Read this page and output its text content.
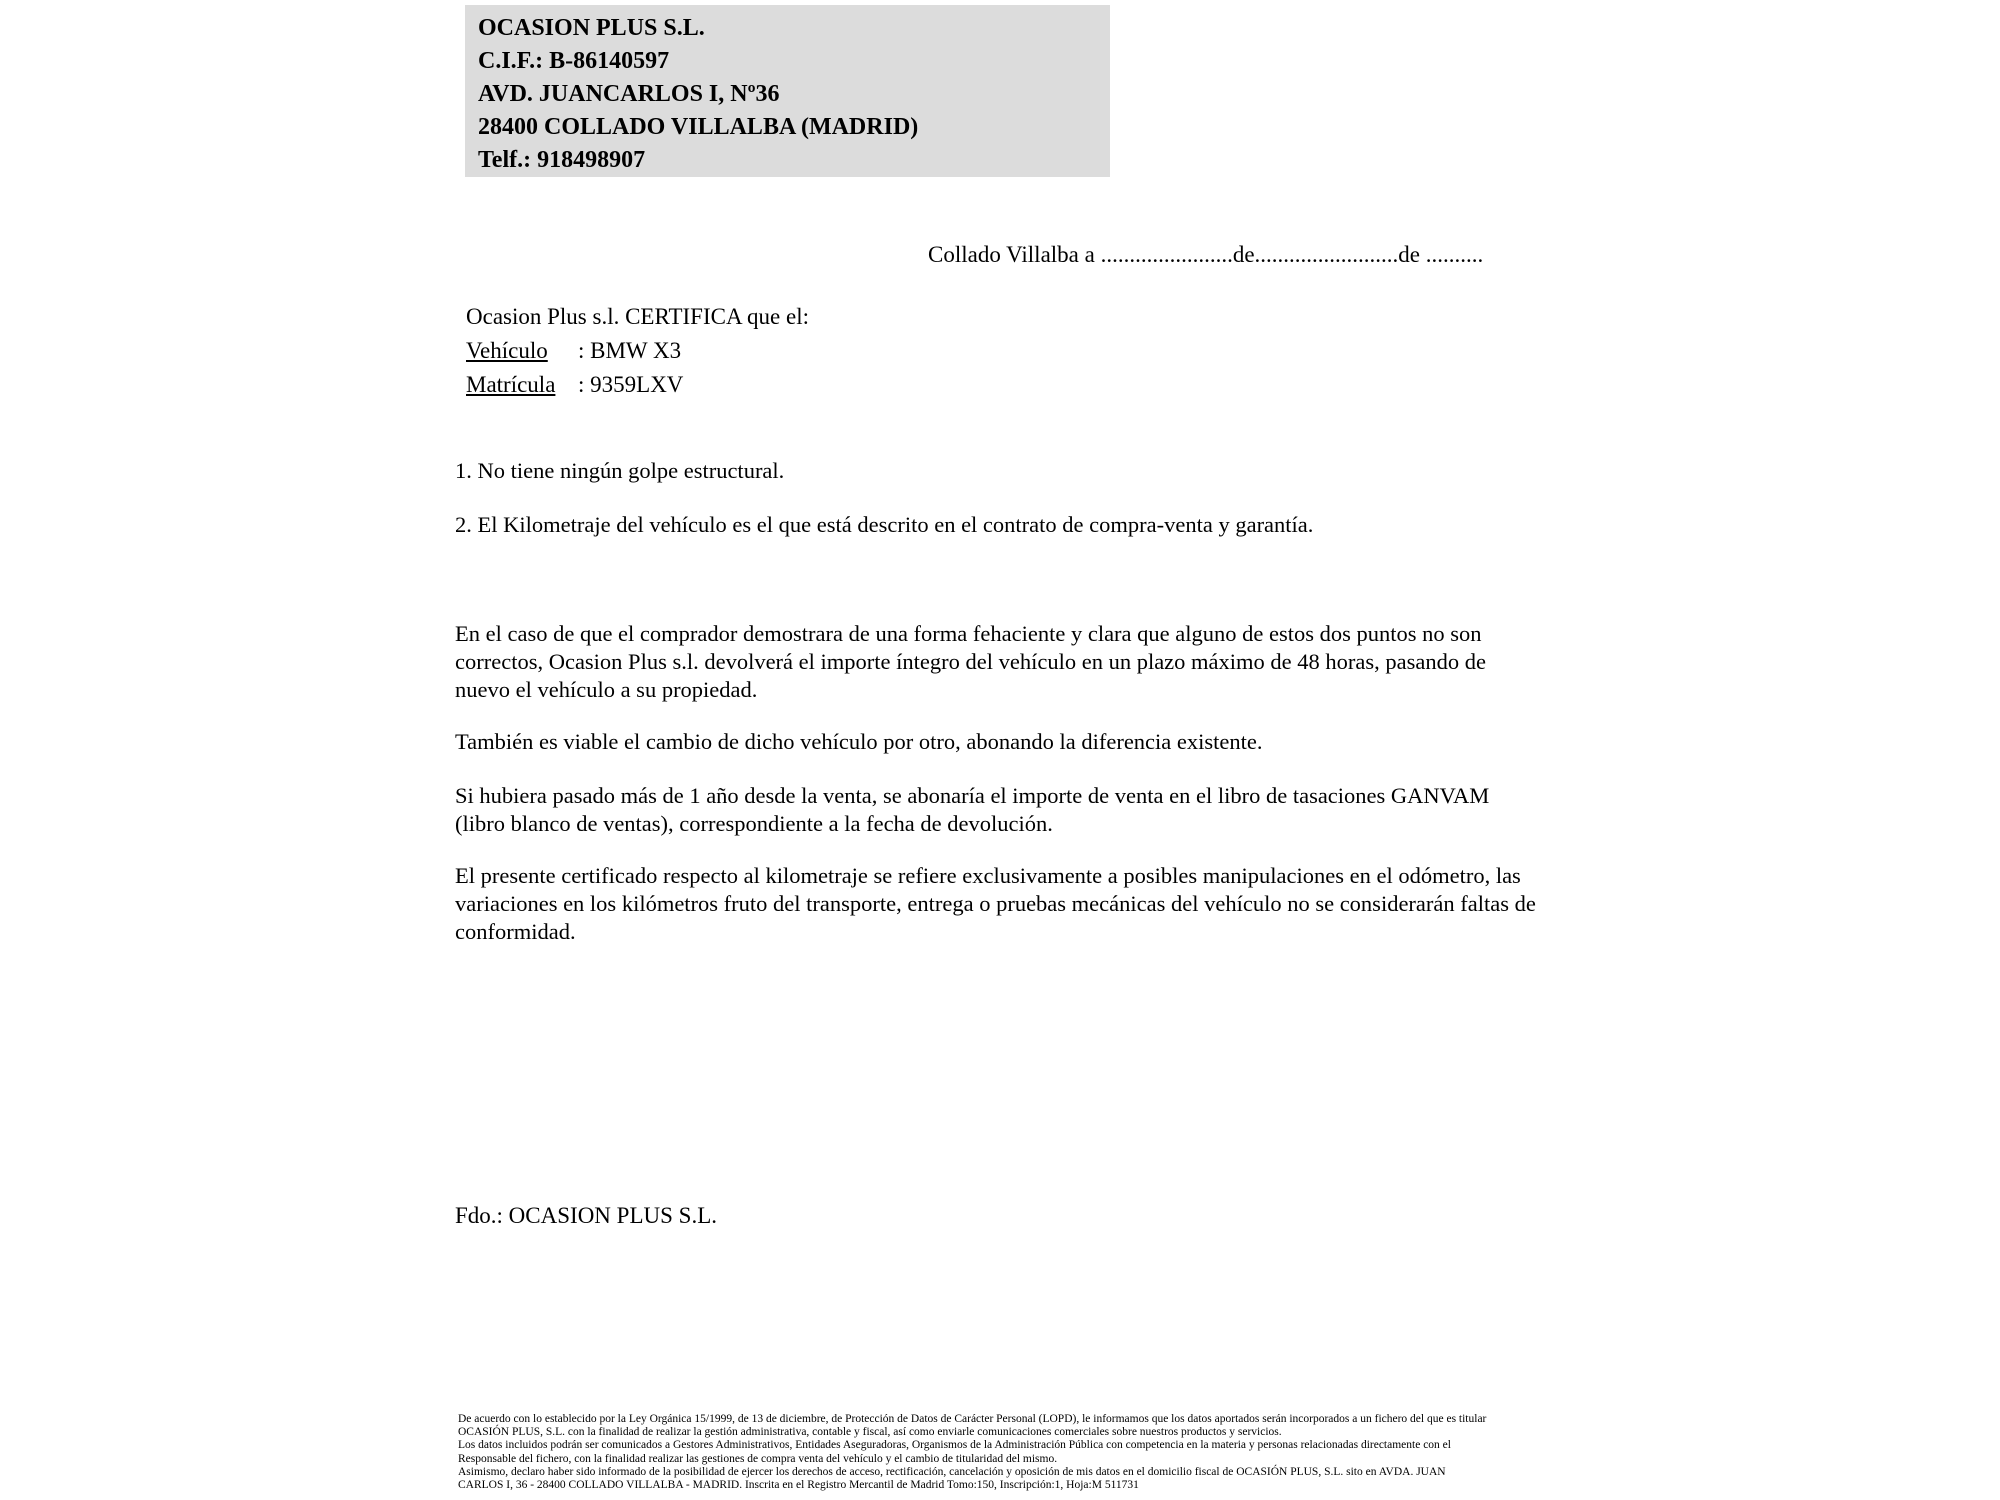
OCASION PLUS S.L.
C.I.F.: B-86140597
AVD. JUANCARLOS I, Nº36
28400 COLLADO VILLALBA (MADRID)
Telf.: 918498907
Collado Villalba a .......................de.........................de ..........
Ocasion Plus s.l. CERTIFICA que el:
Vehículo : BMW X3
Matrícula : 9359LXV
1. No tiene ningún golpe estructural.
2. El Kilometraje del vehículo es el que está descrito en el contrato de compra-venta y garantía.
En el caso de que el comprador demostrara de una forma fehaciente y clara que alguno de estos dos puntos no son correctos, Ocasion Plus s.l. devolverá el importe íntegro del vehículo en un plazo máximo de 48 horas, pasando de nuevo el vehículo a su propiedad.
También es viable el cambio de dicho vehículo por otro, abonando la diferencia existente.
Si hubiera pasado más de 1 año desde la venta, se abonaría el importe de venta en el libro de tasaciones GANVAM (libro blanco de ventas), correspondiente a la fecha de devolución.
El presente certificado respecto al kilometraje se refiere exclusivamente a posibles manipulaciones en el odómetro, las variaciones en los kilómetros fruto del transporte, entrega o pruebas mecánicas del vehículo no se considerarán faltas de conformidad.
Fdo.: OCASION PLUS S.L.
De acuerdo con lo establecido por la Ley Orgánica 15/1999, de 13 de diciembre, de Protección de Datos de Carácter Personal (LOPD), le informamos que los datos aportados serán incorporados a un fichero del que es titular
OCASIÓN PLUS, S.L. con la finalidad de realizar la gestión administrativa, contable y fiscal, así como enviarle comunicaciones comerciales sobre nuestros productos y servicios.
Los datos incluidos podrán ser comunicados a Gestores Administrativos, Entidades Aseguradoras, Organismos de la Administración Pública con competencia en la materia y personas relacionadas directamente con el
Responsable del fichero, con la finalidad realizar las gestiones de compra venta del vehículo y el cambio de titularidad del mismo.
Asimismo, declaro haber sido informado de la posibilidad de ejercer los derechos de acceso, rectificación, cancelación y oposición de mis datos en el domicilio fiscal de OCASIÓN PLUS, S.L. sito en AVDA. JUAN
CARLOS I, 36 - 28400 COLLADO VILLALBA - MADRID. Inscrita en el Registro Mercantil de Madrid Tomo:150, Inscripción:1, Hoja:M 511731
